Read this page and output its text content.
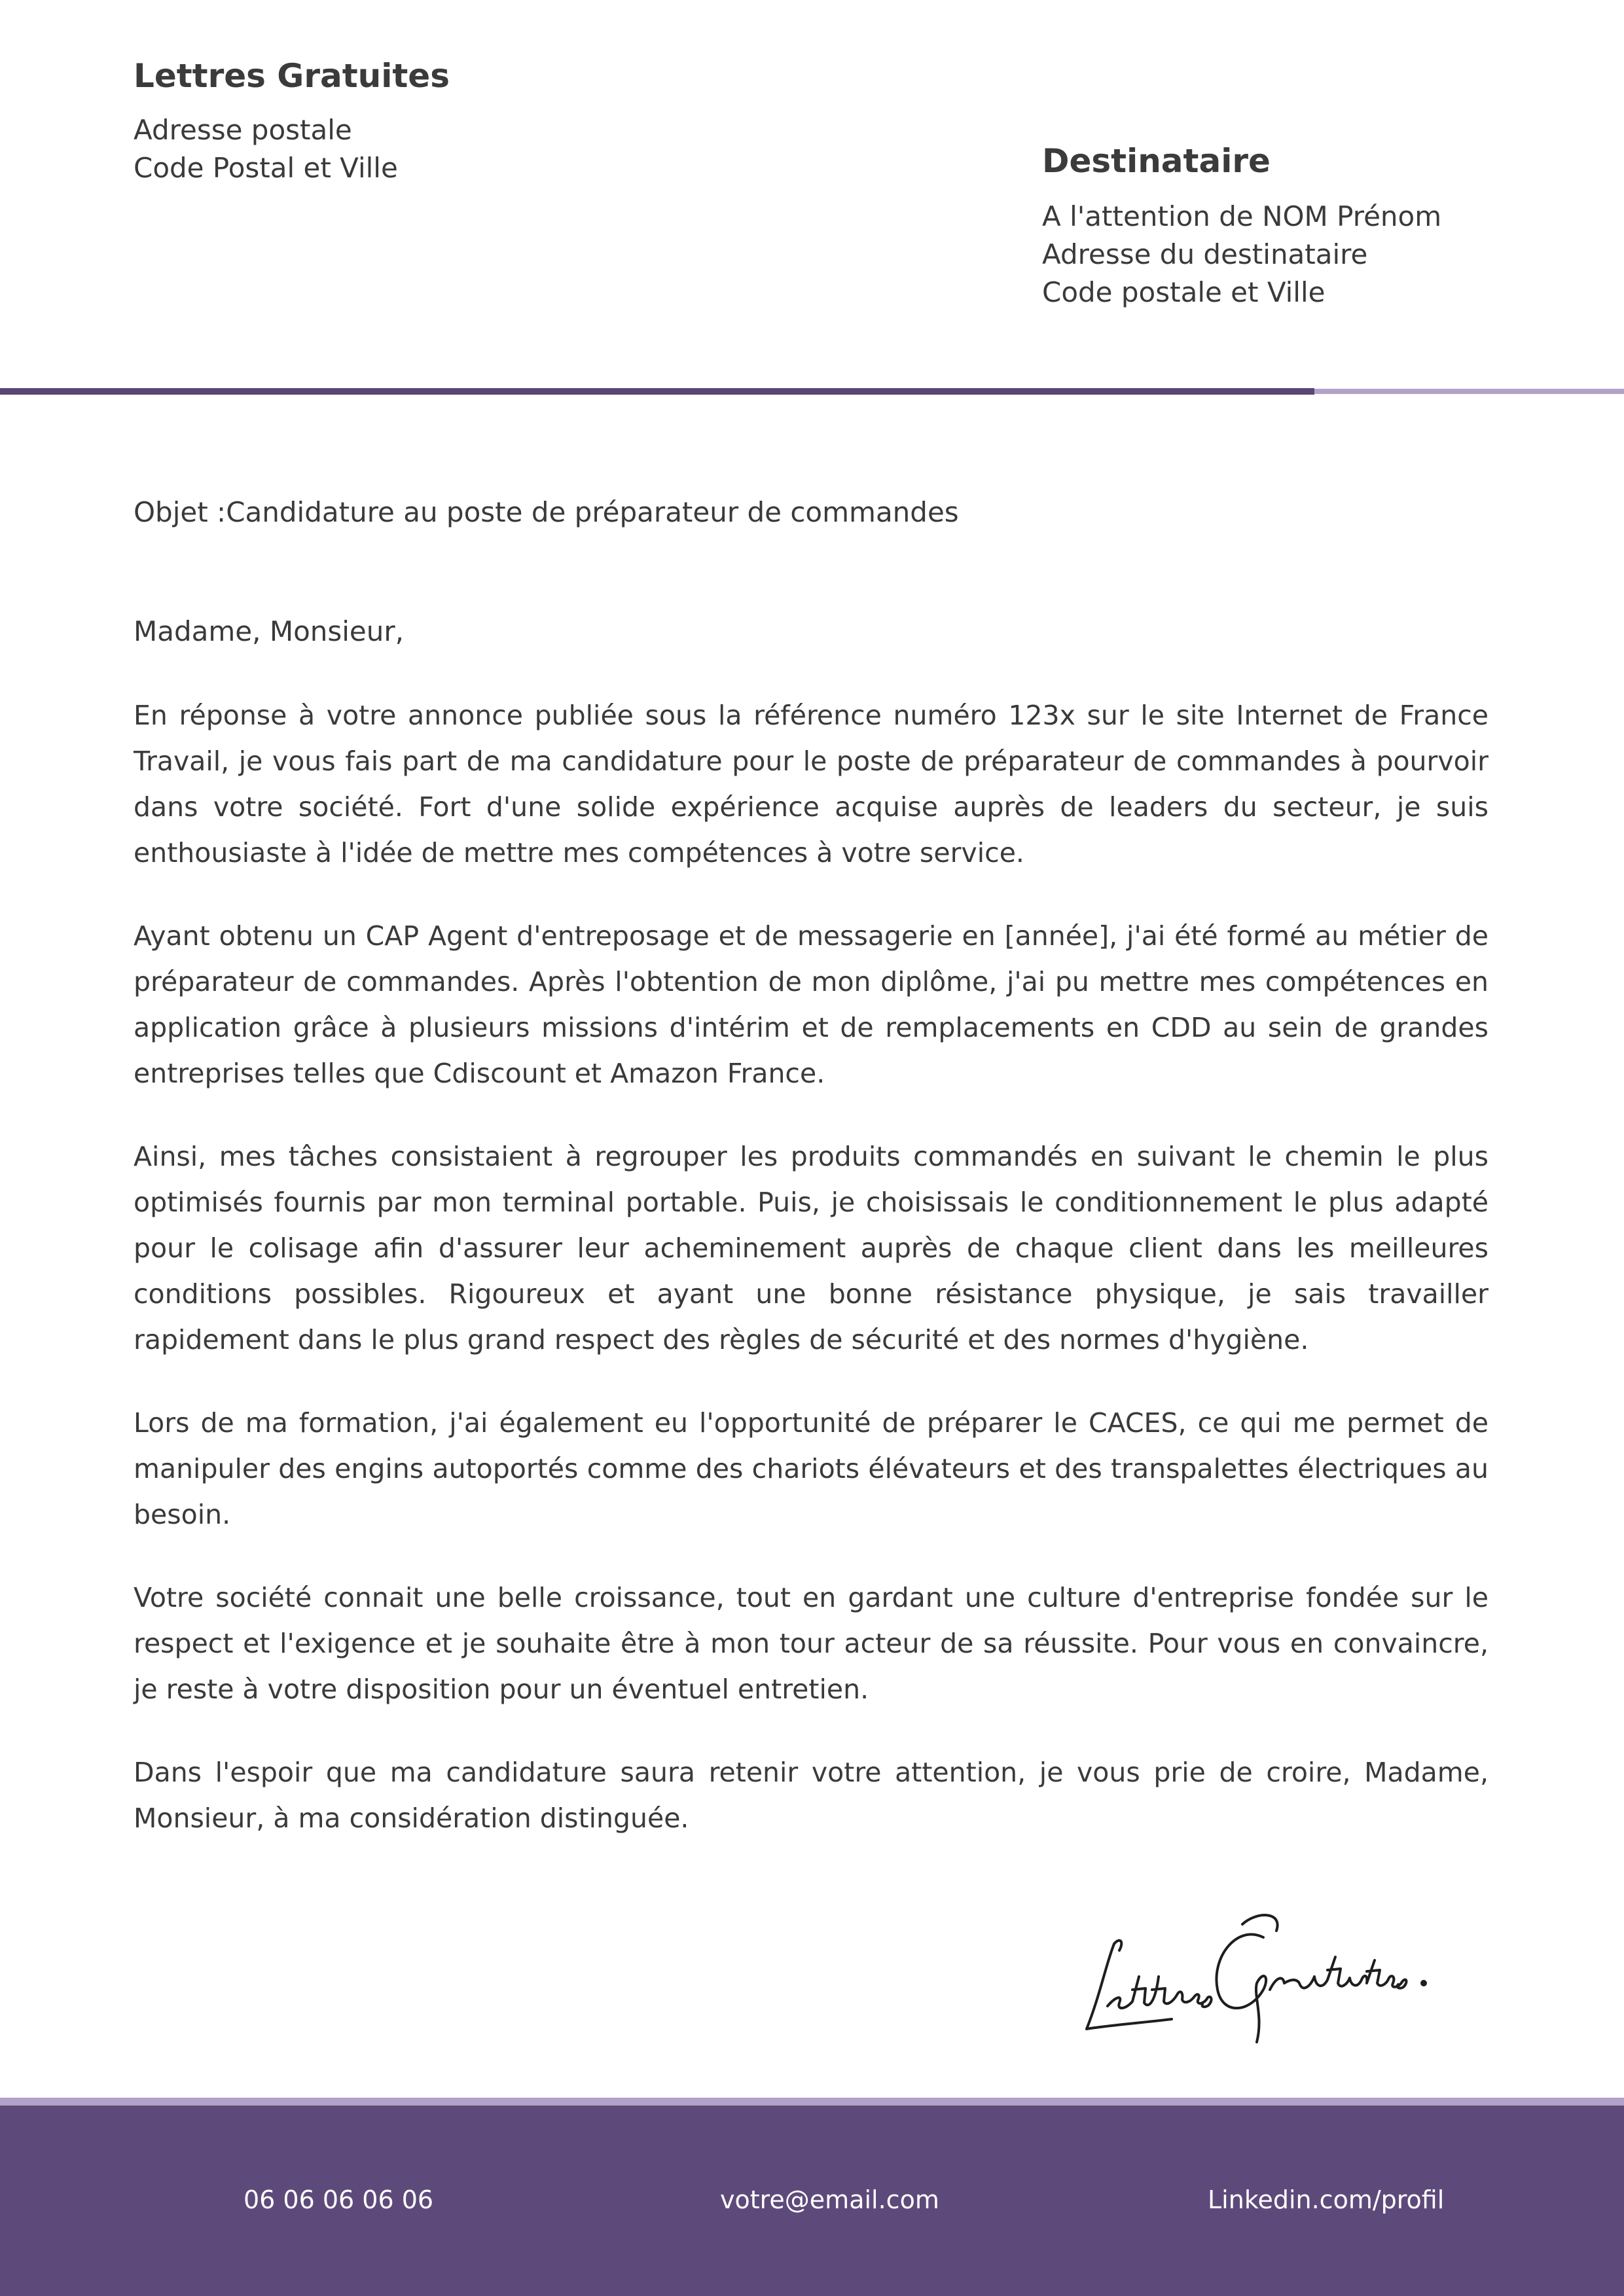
Lettres Gratuites
Adresse postale
Code Postal et Ville	Destinataire
A l'attention de NOM Prénom
Adresse du destinataire
Code postale et Ville
Objet :Candidature au poste de préparateur de commandes
Madame, Monsieur,

En réponse à votre annonce publiée sous la référence numéro 123x sur le site Internet de France Travail, je vous fais part de ma candidature pour le poste de préparateur de commandes à pourvoir dans votre société. Fort d'une solide expérience acquise auprès de leaders du secteur, je suis enthousiaste à l'idée de mettre mes compétences à votre service.

Ayant obtenu un CAP Agent d'entreposage et de messagerie en [année], j'ai été formé au métier de préparateur de commandes. Après l'obtention de mon diplôme, j'ai pu mettre mes compétences en application grâce à plusieurs missions d'intérim et de remplacements en CDD au sein de grandes entreprises telles que Cdiscount et Amazon France.

Ainsi, mes tâches consistaient à regrouper les produits commandés en suivant le chemin le plus optimisés fournis par mon terminal portable. Puis, je choisissais le conditionnement le plus adapté pour le colisage afin d'assurer leur acheminement auprès de chaque client dans les meilleures conditions possibles. Rigoureux et ayant une bonne résistance physique, je sais travailler rapidement dans le plus grand respect des règles de sécurité et des normes d'hygiène.

Lors de ma formation, j'ai également eu l'opportunité de préparer le CACES, ce qui me permet de manipuler des engins autoportés comme des chariots élévateurs et des transpalettes électriques au besoin.

Votre société connait une belle croissance, tout en gardant une culture d'entreprise fondée sur le respect et l'exigence et je souhaite être à mon tour acteur de sa réussite. Pour vous en convaincre, je reste à votre disposition pour un éventuel entretien.

Dans l'espoir que ma candidature saura retenir votre attention, je vous prie de croire, Madame, Monsieur, à ma considération distinguée.

06 06 06 06 06	votre@email.com	Linkedin.com/profil
